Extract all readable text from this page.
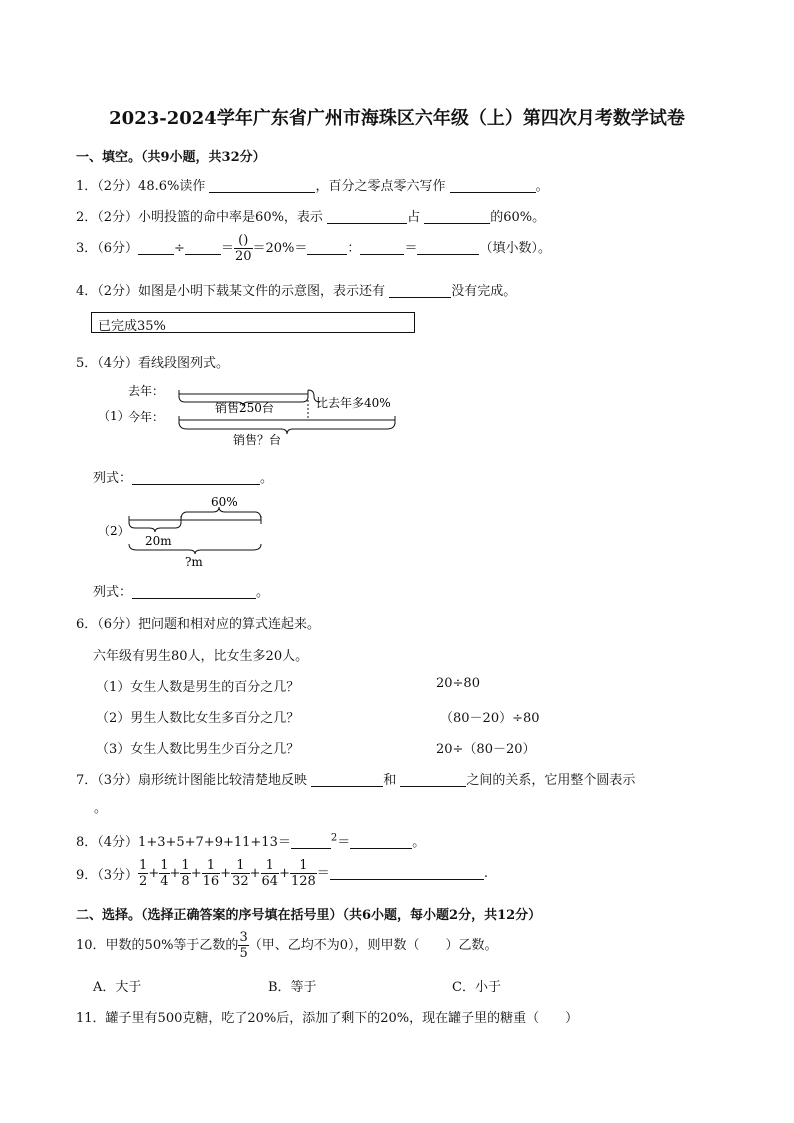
2023-2024学年广东省广州市海珠区六年级（上）第四次月考数学试卷
一、填空。（共9小题，共32分）
1．（2分）48.6%读作	，百分之零点零六写作	。
2．（2分）小明投篮的命中率是60%，表示	占	的60%。
3．（6分）	÷	＝ $\frac{()}{20} =20\%=$	：	＝	（填小数）。
4．（2分）如图是小明下载某文件的示意图，表示还有	没有完成。
已完成35%
5．（4分）看线段图列式。
（1）
去年：
今年：
销售250台	比去年多40%
销售？台
列式：	。
（2）
60%
20m
?m
列式：	。
6．（6分）把问题和相对应的算式连起来。
六年级有男生80人，比女生多20人。
（1）女生人数是男生的百分之几？	20÷80
（2）男生人数比女生多百分之几？	（80－20）÷80
（3）女生人数比男生少百分之几？	20÷（80－20）
7．（3分）扇形统计图能比较清楚地反映	和	之间的关系，它用整个圆表示
。
8．（4分）1+3+5+7+9+11+13＝	$^2$＝	。
9．（3分） $\frac{1}{2} + \frac{1}{4} + \frac{1}{8} + \frac{1}{16} + \frac{1}{32} + \frac{1}{64} + \frac{1}{128}$ ＝	.
二、选择。（选择正确答案的序号填在括号里）（共6小题，每小题2分，共12分）
10．甲数的50%等于乙数的 $\frac{3}{5}$ （甲、乙均不为0），则甲数（　　）乙数。
A．大于	B．等于	C．小于
11．罐子里有500克糖，吃了20%后，添加了剩下的20%，现在罐子里的糖重（　　）
